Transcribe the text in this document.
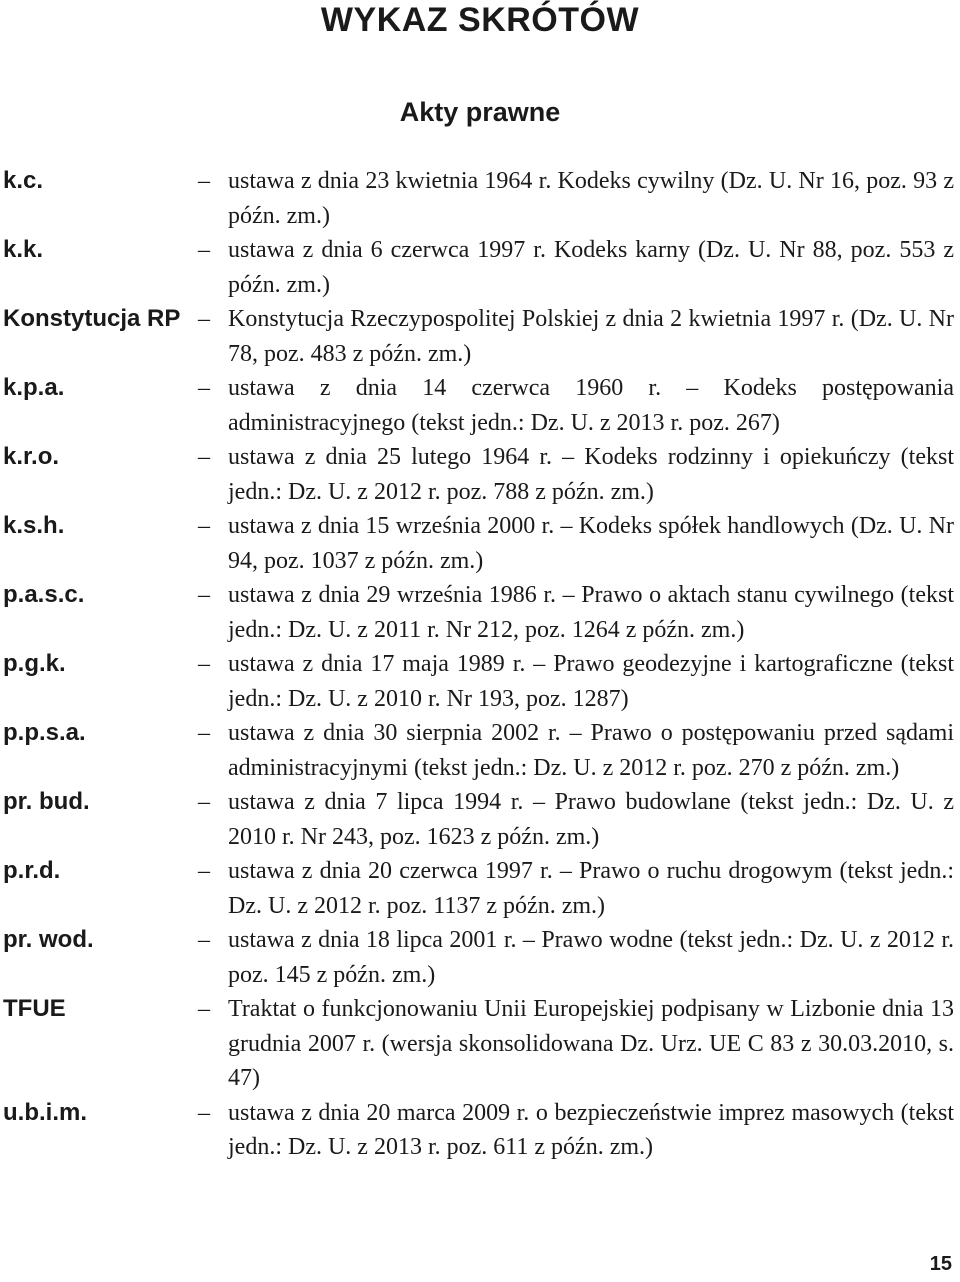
WYKAZ SKRÓTÓW
Akty prawne
k.c.	– ustawa z dnia 23 kwietnia 1964 r. Kodeks cywilny (Dz. U. Nr 16, poz. 93 z późn. zm.)
k.k.	– ustawa z dnia 6 czerwca 1997 r. Kodeks karny (Dz. U. Nr 88, poz. 553 z późn. zm.)
Konstytucja RP – Konstytucja Rzeczypospolitej Polskiej z dnia 2 kwietnia 1997 r. (Dz. U. Nr 78, poz. 483 z późn. zm.)
k.p.a.	– ustawa z dnia 14 czerwca 1960 r. – Kodeks postępowania administracyjnego (tekst jedn.: Dz. U. z 2013 r. poz. 267)
k.r.o.	– ustawa z dnia 25 lutego 1964 r. – Kodeks rodzinny i opiekuńczy (tekst jedn.: Dz. U. z 2012 r. poz. 788 z późn. zm.)
k.s.h.	– ustawa z dnia 15 września 2000 r. – Kodeks spółek handlowych (Dz. U. Nr 94, poz. 1037 z późn. zm.)
p.a.s.c.	– ustawa z dnia 29 września 1986 r. – Prawo o aktach stanu cywilnego (tekst jedn.: Dz. U. z 2011 r. Nr 212, poz. 1264 z późn. zm.)
p.g.k.	– ustawa z dnia 17 maja 1989 r. – Prawo geodezyjne i kartograficzne (tekst jedn.: Dz. U. z 2010 r. Nr 193, poz. 1287)
p.p.s.a.	– ustawa z dnia 30 sierpnia 2002 r. – Prawo o postępowaniu przed sądami administracyjnymi (tekst jedn.: Dz. U. z 2012 r. poz. 270 z późn. zm.)
pr. bud.	– ustawa z dnia 7 lipca 1994 r. – Prawo budowlane (tekst jedn.: Dz. U. z 2010 r. Nr 243, poz. 1623 z późn. zm.)
p.r.d.	– ustawa z dnia 20 czerwca 1997 r. – Prawo o ruchu drogowym (tekst jedn.: Dz. U. z 2012 r. poz. 1137 z późn. zm.)
pr. wod.	– ustawa z dnia 18 lipca 2001 r. – Prawo wodne (tekst jedn.: Dz. U. z 2012 r. poz. 145 z późn. zm.)
TFUE	– Traktat o funkcjonowaniu Unii Europejskiej podpisany w Lizbonie dnia 13 grudnia 2007 r. (wersja skonsolidowana Dz. Urz. UE C 83 z 30.03.2010, s. 47)
u.b.i.m.	– ustawa z dnia 20 marca 2009 r. o bezpieczeństwie imprez masowych (tekst jedn.: Dz. U. z 2013 r. poz. 611 z późn. zm.)
15
